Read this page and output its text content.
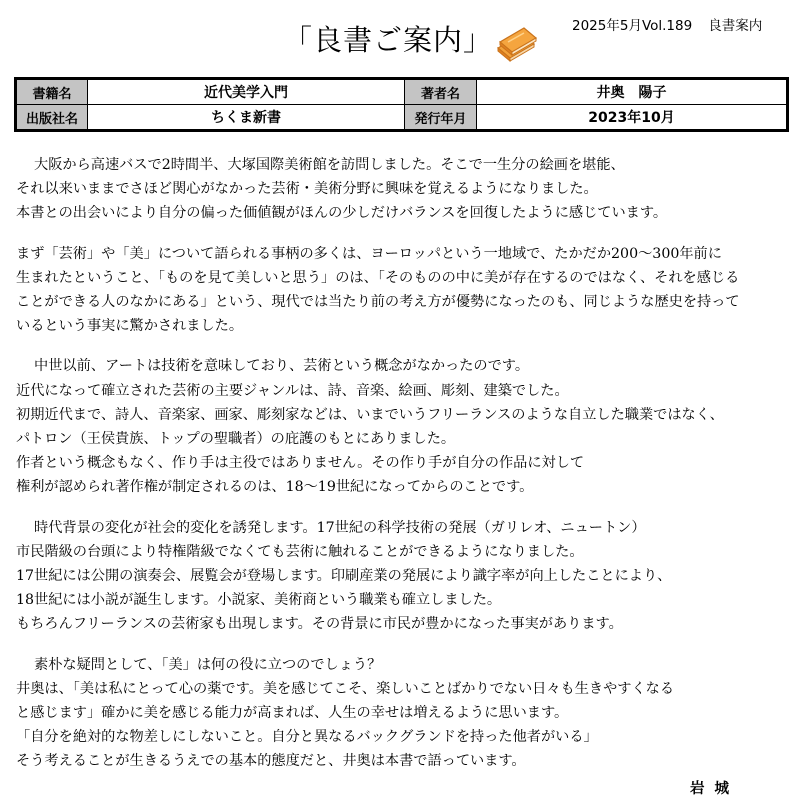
「良書ご案内」	2025年5月Vol.189 良書案内
書籍名	近代美学入門	著者名	井奥　陽子
出版社名	ちくま新書	発行年月	2023年10月
大阪から高速バスで2時間半、大塚国際美術館を訪問しました。そこで一生分の絵画を堪能、
それ以来いままでさほど関心がなかった芸術・美術分野に興味を覚えるようになりました。
本書との出会いにより自分の偏った価値観がほんの少しだけバランスを回復したように感じています。
まず「芸術」や「美」について語られる事柄の多くは、ヨーロッパという一地域で、たかだか200～300年前に
生まれたということ、「ものを見て美しいと思う」のは、「そのものの中に美が存在するのではなく、それを感じる
ことができる人のなかにある」という、現代では当たり前の考え方が優勢になったのも、同じような歴史を持って
いるという事実に驚かされました。
中世以前、アートは技術を意味しており、芸術という概念がなかったのです。
近代になって確立された芸術の主要ジャンルは、詩、音楽、絵画、彫刻、建築でした。
初期近代まで、詩人、音楽家、画家、彫刻家などは、いまでいうフリーランスのような自立した職業ではなく、
パトロン（王侯貴族、トップの聖職者）の庇護のもとにありました。
作者という概念もなく、作り手は主役ではありません。その作り手が自分の作品に対して
権利が認められ著作権が制定されるのは、18～19世紀になってからのことです。
時代背景の変化が社会的変化を誘発します。17世紀の科学技術の発展（ガリレオ、ニュートン）
市民階級の台頭により特権階級でなくても芸術に触れることができるようになりました。
17世紀には公開の演奏会、展覧会が登場します。印刷産業の発展により識字率が向上したことにより、
18世紀には小説が誕生します。小説家、美術商という職業も確立しました。
もちろんフリーランスの芸術家も出現します。その背景に市民が豊かになった事実があります。
素朴な疑問として、「美」は何の役に立つのでしょう？
井奥は、「美は私にとって心の薬です。美を感じてこそ、楽しいことばかりでない日々も生きやすくなる
と感じます」確かに美を感じる能力が高まれば、人生の幸せは増えるように思います。
「自分を絶対的な物差しにしないこと。自分と異なるバックグランドを持った他者がいる」
そう考えることが生きるうえでの基本的態度だと、井奥は本書で語っています。
岩城
